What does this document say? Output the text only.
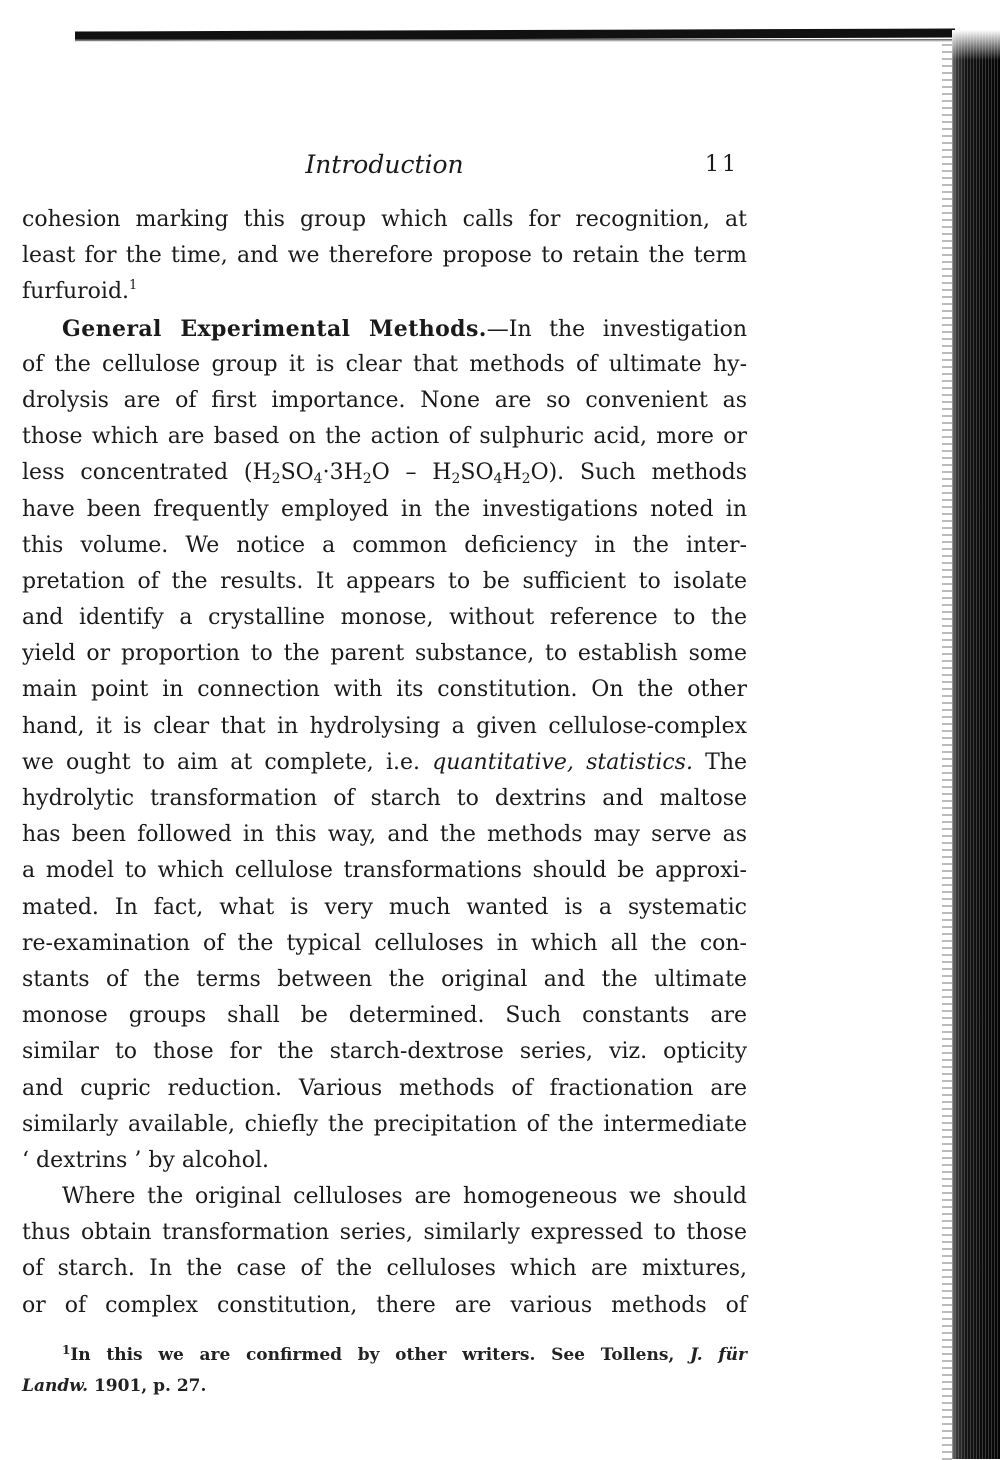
Introduction	11

cohesion marking this group which calls for recognition, at
least for the time, and we therefore propose to retain the term
furfuroid.$^1$

General Experimental Methods.—In the investigation
of the cellulose group it is clear that methods of ultimate hy-
drolysis are of first importance. None are so convenient as
those which are based on the action of sulphuric acid, more or
less concentrated $(H_2SO_4\cdot 3H_2O - H_2SO_4H_2O)$. Such methods
have been frequently employed in the investigations noted in
this volume. We notice a common deficiency in the inter-
pretation of the results. It appears to be sufficient to isolate
and identify a crystalline monose, without reference to the
yield or proportion to the parent substance, to establish some
main point in connection with its constitution. On the other
hand, it is clear that in hydrolysing a given cellulose-complex
we ought to aim at complete, i.e. quantitative, statistics. The
hydrolytic transformation of starch to dextrins and maltose
has been followed in this way, and the methods may serve as
a model to which cellulose transformations should be approxi-
mated. In fact, what is very much wanted is a systematic
re-examination of the typical celluloses in which all the con-
stants of the terms between the original and the ultimate
monose groups shall be determined. Such constants are
similar to those for the starch-dextrose series, viz. opticity
and cupric reduction. Various methods of fractionation are
similarly available, chiefly the precipitation of the intermediate
‘ dextrins ’ by alcohol.

Where the original celluloses are homogeneous we should
thus obtain transformation series, similarly expressed to those
of starch. In the case of the celluloses which are mixtures,
or of complex constitution, there are various methods of

$^1$In this we are confirmed by other writers. See Tollens, J. für
Landw. 1901, p. 27.
